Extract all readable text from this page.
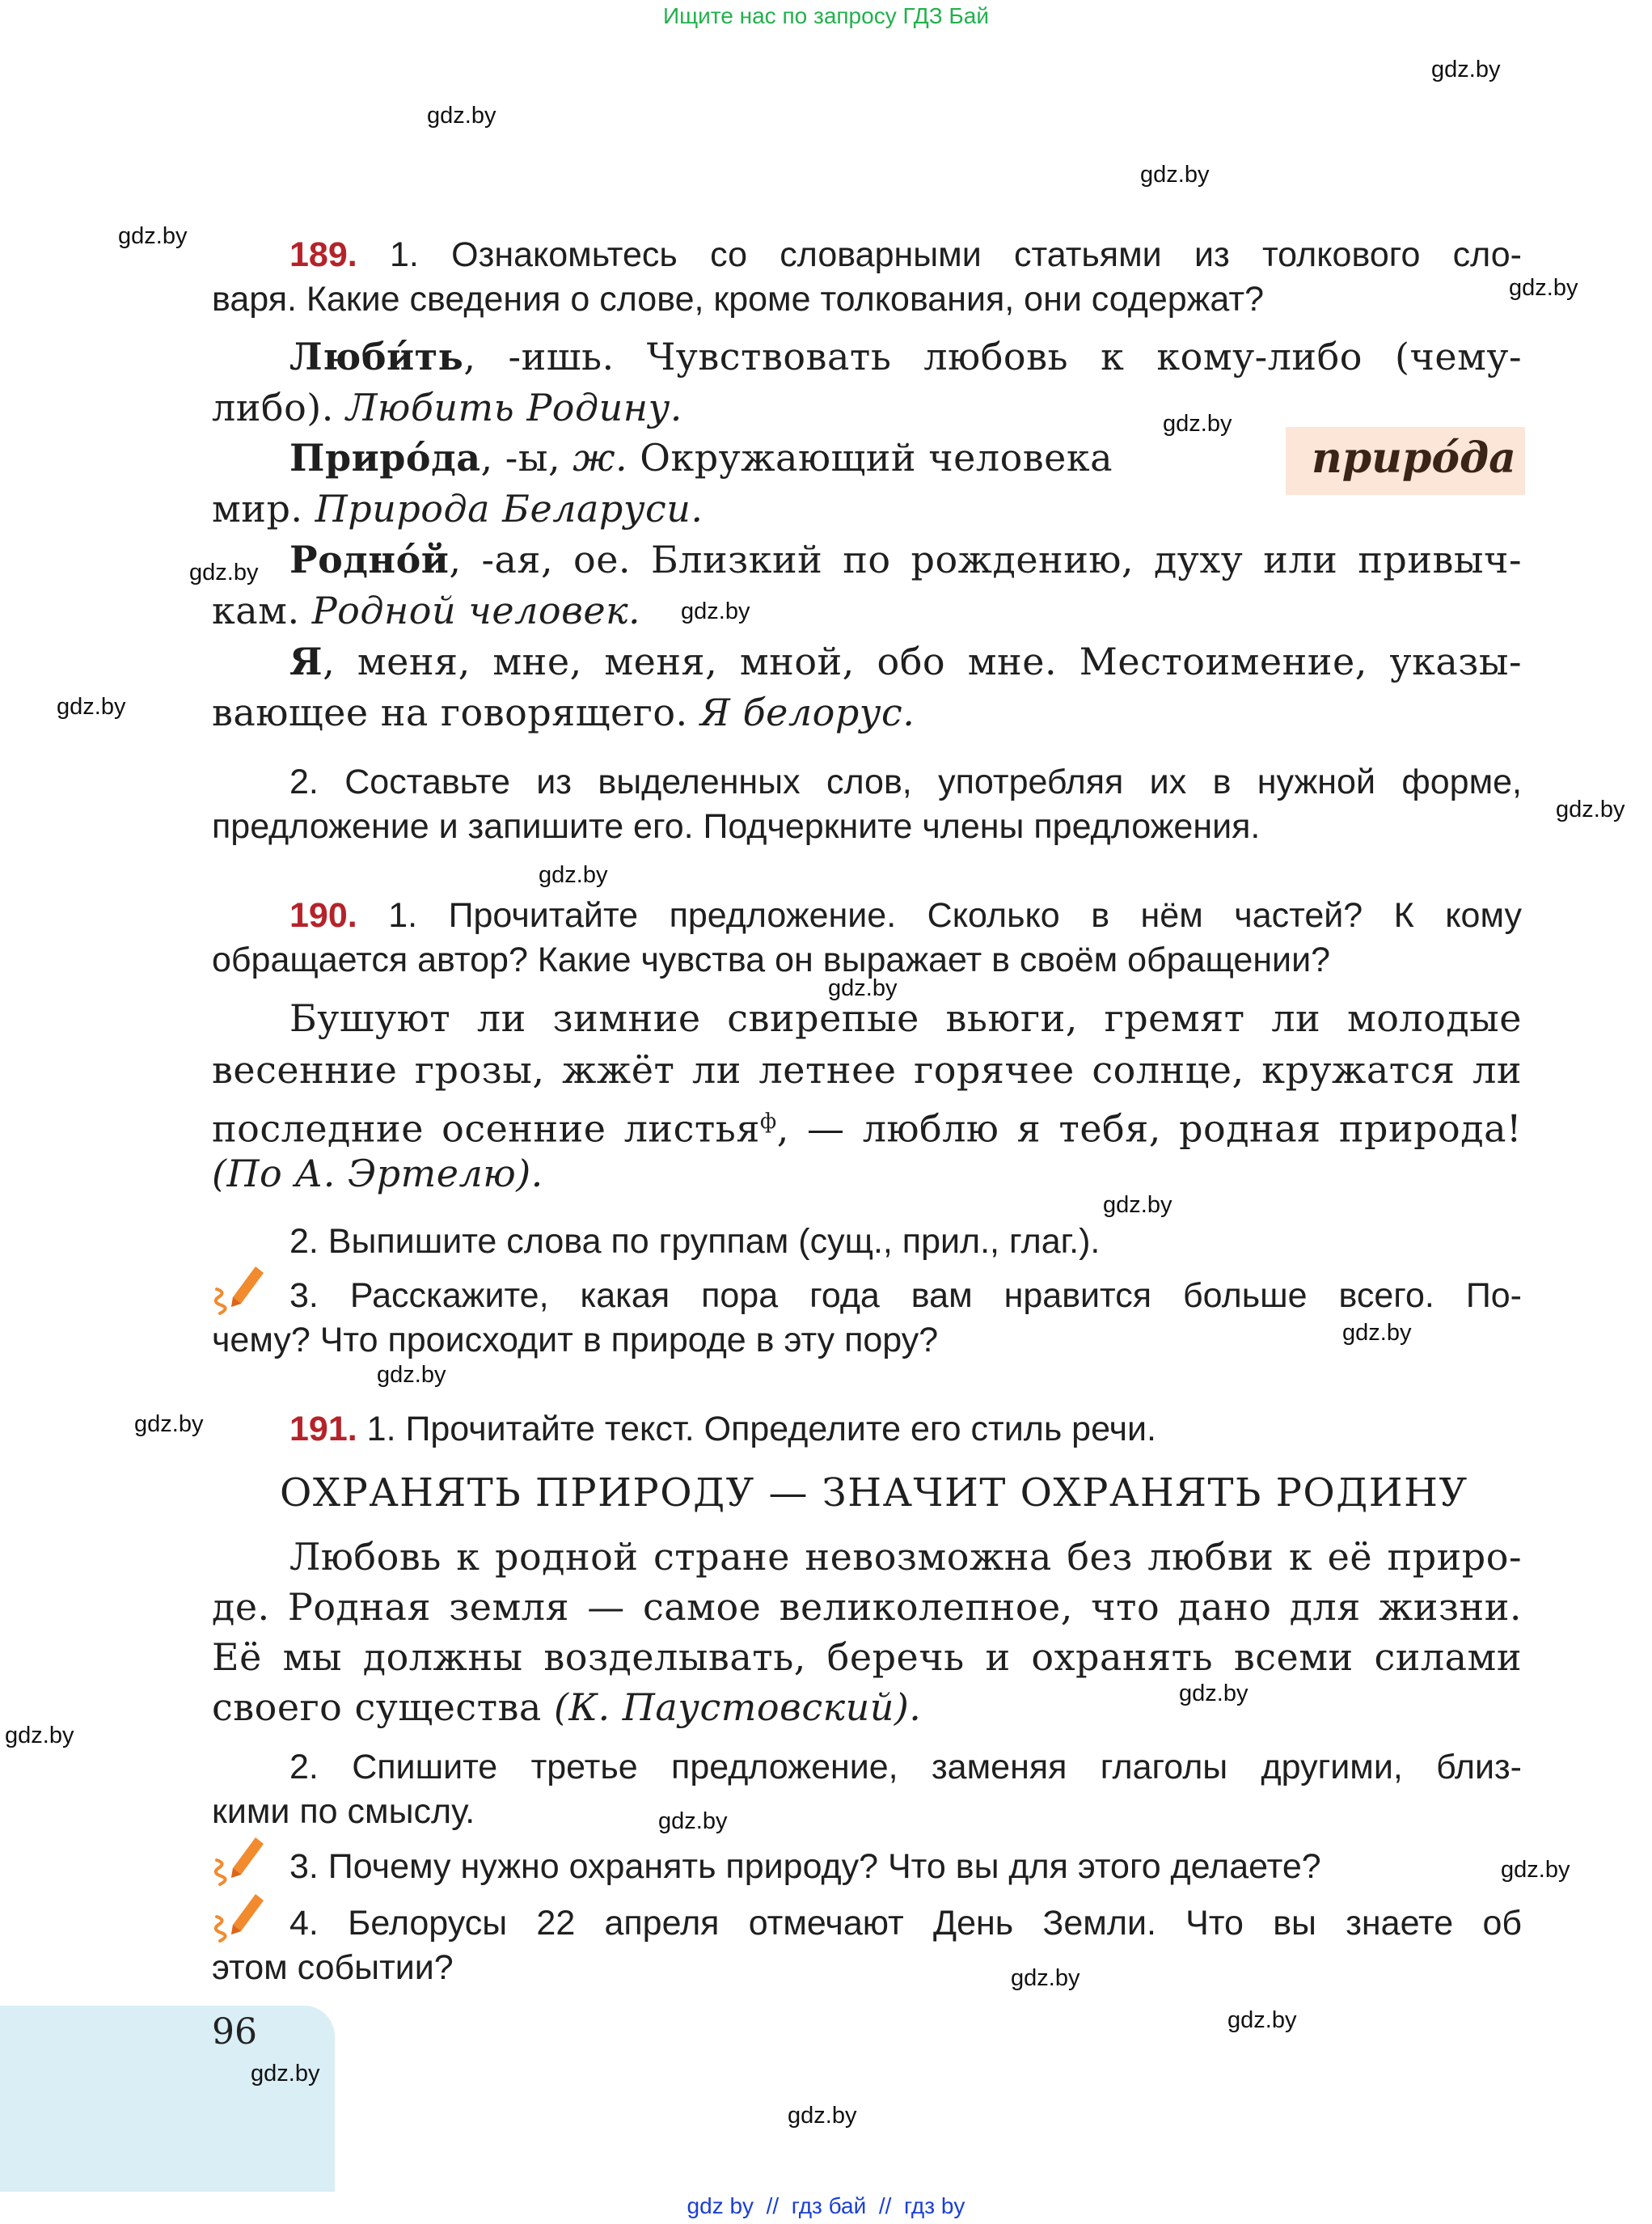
Ищите нас по запросу ГДЗ Бай
gdz.by
gdz.by
gdz.by
gdz.by
gdz.by
gdz.by
gdz.by
gdz.by
gdz.by
gdz.by
gdz.by
gdz.by
gdz.by
gdz.by
gdz.by
gdz.by
gdz.by
gdz.by
gdz.by
gdz.by
gdz.by
gdz.by
gdz.by
189. 1. Ознакомьтесь со словарными статьями из толкового сло-
варя. Какие сведения о слове, кроме толкования, они содержат?
приро́да
Люби́ть, -ишь. Чувствовать любовь к кому-либо (чему-
либо). Любить Родину.
Приро́да, -ы, ж. Окружающий человека
мир. Природа Беларуси.
Родно́й, -ая, ое. Близкий по рождению, духу или привыч-
кам. Родной человек.
Я, меня, мне, меня, мной, обо мне. Местоимение, указы-
вающее на говорящего. Я белорус.
2. Составьте из выделенных слов, употребляя их в нужной форме,
предложение и запишите его. Подчеркните члены предложения.
190. 1. Прочитайте предложение. Сколько в нём частей? К кому
обращается автор? Какие чувства он выражает в своём обращении?
Бушуют ли зимние свирепые вьюги, гремят ли молодые
весенние грозы, жжёт ли летнее горячее солнце, кружатся ли
последние осенние листья$^ф$, — люблю я тебя, родная природа!
(По А. Эртелю).
2. Выпишите слова по группам (сущ., прил., глаг.).
3. Расскажите, какая пора года вам нравится больше всего. По-
чему? Что происходит в природе в эту пору?
191. 1. Прочитайте текст. Определите его стиль речи.
ОХРАНЯТЬ ПРИРОДУ — ЗНАЧИТ ОХРАНЯТЬ РОДИНУ
Любовь к родной стране невозможна без любви к её приро-
де. Родная земля — самое великолепное, что дано для жизни.
Её мы должны возделывать, беречь и охранять всеми силами
своего существа (К. Паустовский).
2. Спишите третье предложение, заменяя глаголы другими, близ-
кими по смыслу.
3. Почему нужно охранять природу? Что вы для этого делаете?
4. Белорусы 22 апреля отмечают День Земли. Что вы знаете об
этом событии?
96
gdz.by
gdz by // гдз бай // гдз by
